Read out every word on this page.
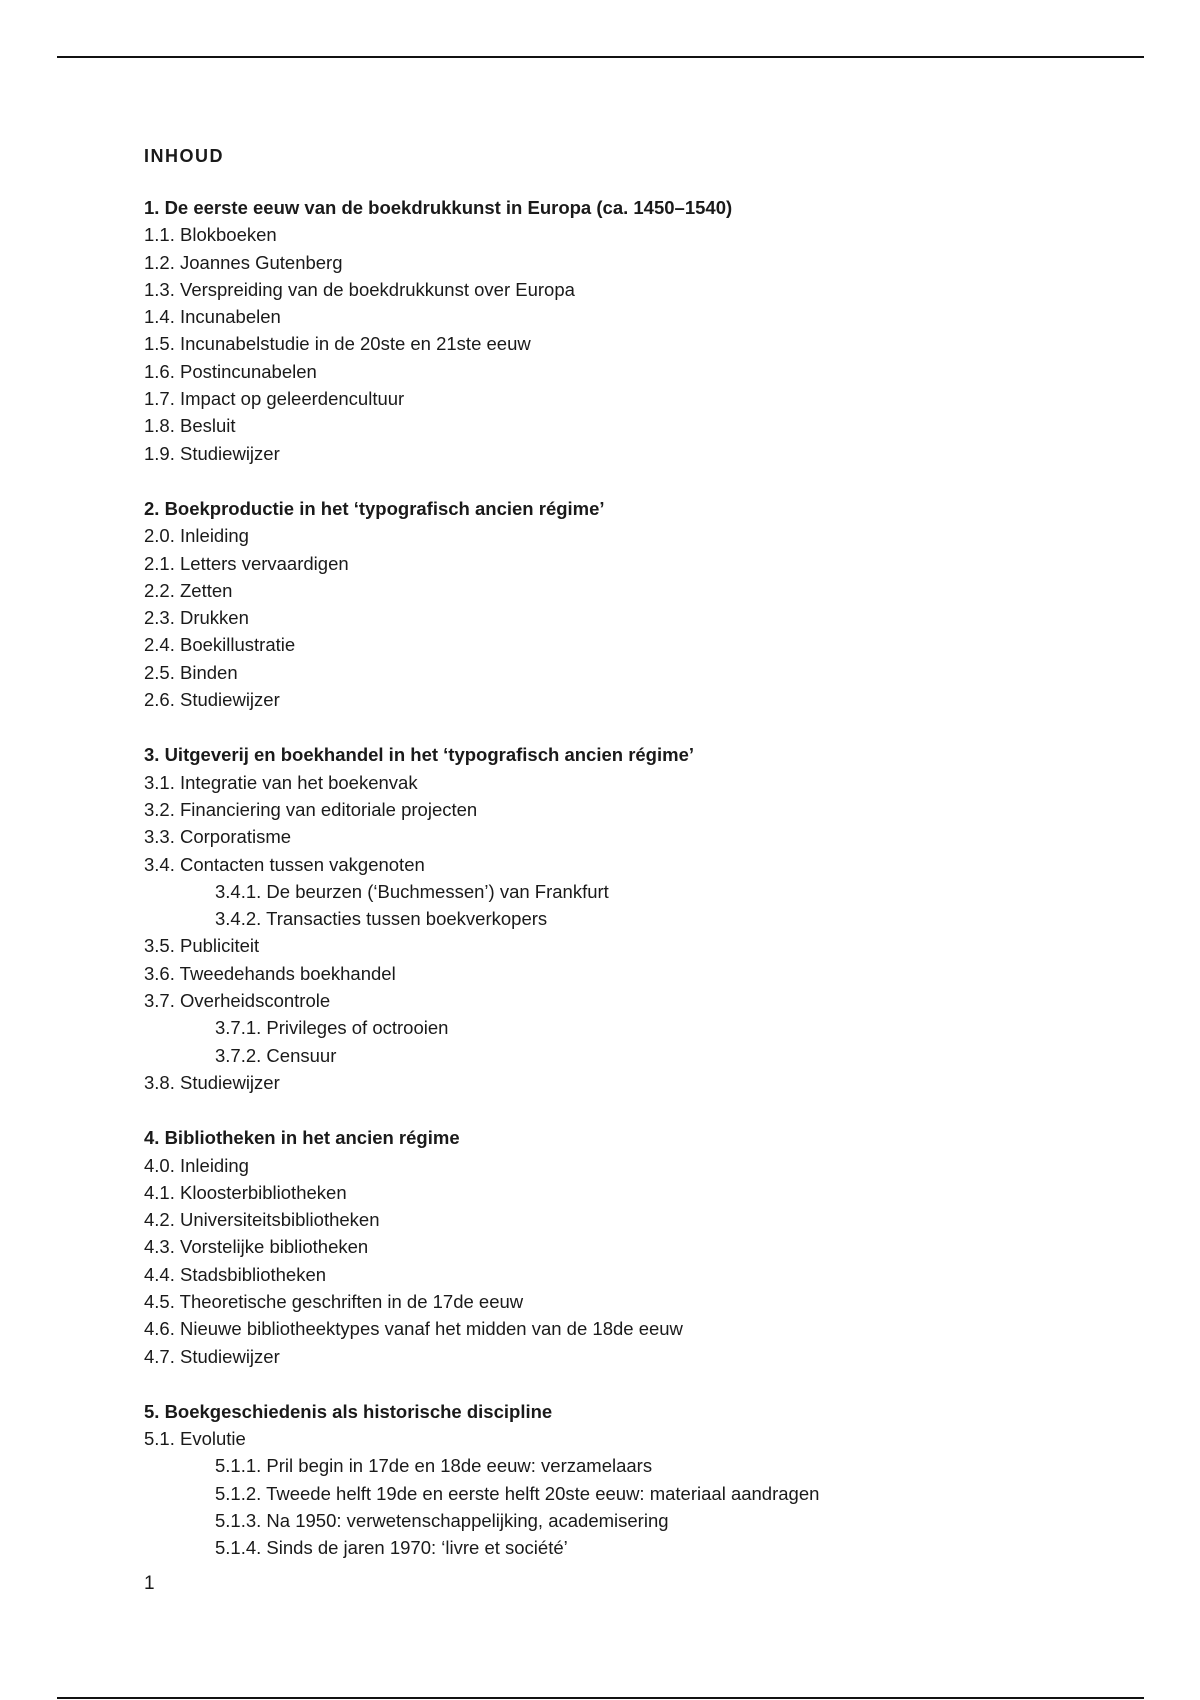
INHOUD
1. De eerste eeuw van de boekdrukkunst in Europa (ca. 1450–1540)
1.1. Blokboeken
1.2. Joannes Gutenberg
1.3. Verspreiding van de boekdrukkunst over Europa
1.4. Incunabelen
1.5. Incunabelstudie in de 20ste en 21ste eeuw
1.6. Postincunabelen
1.7. Impact op geleerdencultuur
1.8. Besluit
1.9. Studiewijzer
2. Boekproductie in het ‘typografisch ancien régime’
2.0. Inleiding
2.1. Letters vervaardigen
2.2. Zetten
2.3. Drukken
2.4. Boekillustratie
2.5. Binden
2.6. Studiewijzer
3. Uitgeverij en boekhandel in het ‘typografisch ancien régime’
3.1. Integratie van het boekenvak
3.2. Financiering van editoriale projecten
3.3. Corporatisme
3.4. Contacten tussen vakgenoten
3.4.1. De beurzen (‘Buchmessen’) van Frankfurt
3.4.2. Transacties tussen boekverkopers
3.5. Publiciteit
3.6. Tweedehands boekhandel
3.7. Overheidscontrole
3.7.1. Privileges of octrooien
3.7.2. Censuur
3.8. Studiewijzer
4. Bibliotheken in het ancien régime
4.0. Inleiding
4.1. Kloosterbibliotheken
4.2. Universiteitsbibliotheken
4.3. Vorstelijke bibliotheken
4.4. Stadsbibliotheken
4.5. Theoretische geschriften in de 17de eeuw
4.6. Nieuwe bibliotheektypes vanaf het midden van de 18de eeuw
4.7. Studiewijzer
5. Boekgeschiedenis als historische discipline
5.1. Evolutie
5.1.1. Pril begin in 17de en 18de eeuw: verzamelaars
5.1.2. Tweede helft 19de en eerste helft 20ste eeuw: materiaal aandragen
5.1.3. Na 1950: verwetenschappelijking, academisering
5.1.4. Sinds de jaren 1970: ‘livre et société’
1
